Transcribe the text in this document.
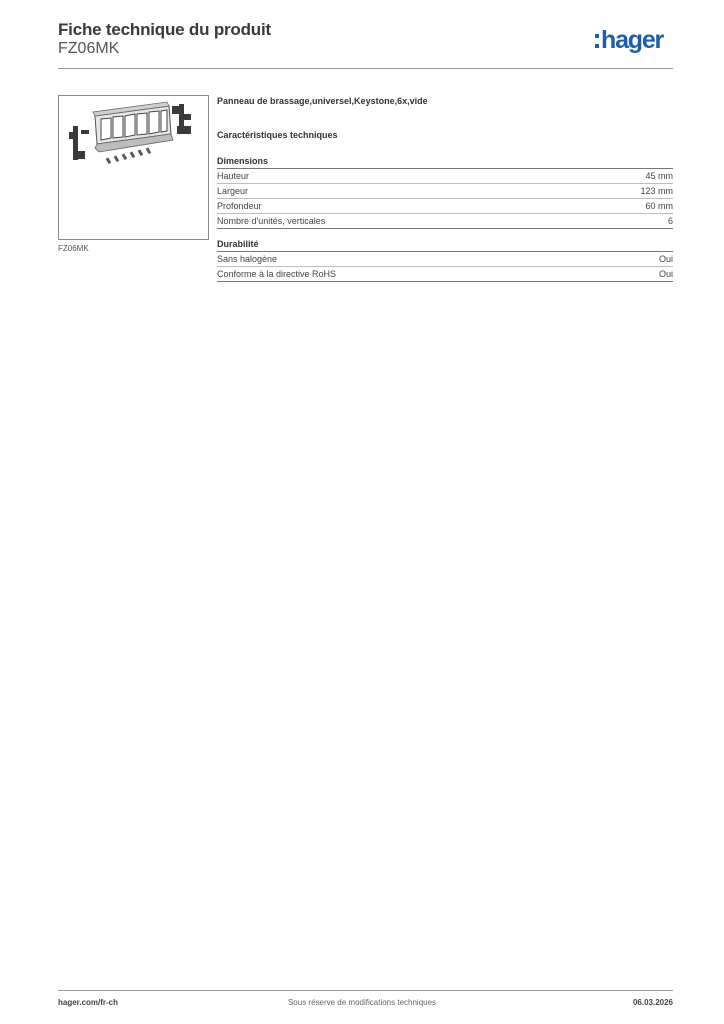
Fiche technique du produit
FZ06MK	hager
FZ06MK
Panneau de brassage,universel,Keystone,6x,vide
Caractéristiques techniques
Dimensions
Hauteur	45 mm
Largeur	123 mm
Profondeur	60 mm
Nombre d'unités, verticales	6
Durabilité
Sans halogène	Oui
Conforme à la directive RoHS	Oui
hager.com/fr-ch	Sous réserve de modifications techniques	06.03.2026
